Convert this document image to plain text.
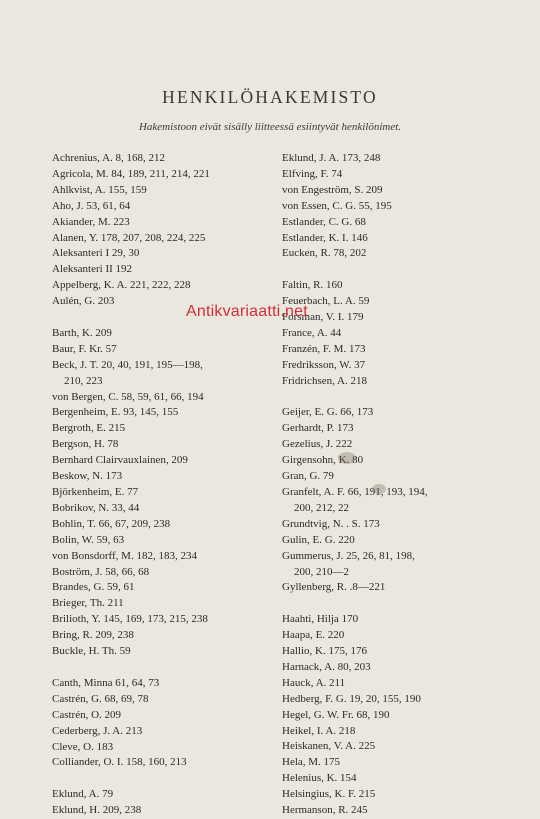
HENKILÖHAKEMISTO
Hakemistoon eivät sisälly liitteessä esiintyvät henkilönimet.
Achrenius, A. 8, 168, 212
Agricola, M. 84, 189, 211, 214, 221
Ahlkvist, A. 155, 159
Aho, J. 53, 61, 64
Akiander, M. 223
Alanen, Y. 178, 207, 208, 224, 225
Aleksanteri I 29, 30
Aleksanteri II 192
Appelberg, K. A. 221, 222, 228
Aulén, G. 203
Barth, K. 209
Baur, F. Kr. 57
Beck, J. T. 20, 40, 191, 195—198,
210, 223
von Bergen, C. 58, 59, 61, 66, 194
Bergenheim, E. 93, 145, 155
Bergroth, E. 215
Bergson, H. 78
Bernhard Clairvauxlainen, 209
Beskow, N. 173
Björkenheim, E. 77
Bobrikov, N. 33, 44
Bohlin, T. 66, 67, 209, 238
Bolin, W. 59, 63
von Bonsdorff, M. 182, 183, 234
Boström, J. 58, 66, 68
Brandes, G. 59, 61
Brieger, Th. 211
Brilioth, Y. 145, 169, 173, 215, 238
Bring, R. 209, 238
Buckle, H. Th. 59
Canth, Minna 61, 64, 73
Castrén, G. 68, 69, 78
Castrén, O. 209
Cederberg, J. A. 213
Cleve, O. 183
Colliander, O. I. 158, 160, 213
Eklund, A. 79
Eklund, H. 209, 238
Eklund, J. A. 173, 248
Elfving, F. 74
von Engeström, S. 209
von Essen, C. G. 55, 195
Estlander, C. G. 68
Estlander, K. I. 146
Eucken, R. 78, 202
Faltin, R. 160
Feuerbach, L. A. 59
Forsman, V. I. 179
France, A. 44
Franzén, F. M. 173
Fredriksson, W. 37
Fridrichsen, A. 218
Geijer, E. G. 66, 173
Gerhardt, P. 173
Gezelius, J. 222
Girgensohn, K. 80
Gran, G. 79
Granfelt, A. F. 66, 191, 193, 194,
200, 212, 22
Grundtvig, N. . S. 173
Gulin, E. G. 220
Gummerus, J. 25, 26, 81, 198,
200, 210—2
Gyllenberg, R. .8—221
Haahti, Hilja 170
Haapa, E. 220
Hallio, K. 175, 176
Harnack, A. 80, 203
Hauck, A. 211
Hedberg, F. G. 19, 20, 155, 190
Hegel, G. W. Fr. 68, 190
Heikel, I. A. 218
Heiskanen, V. A. 225
Hela, M. 175
Helenius, K. 154
Helsingius, K. F. 215
Hermanson, R. 245
Antikvariaatti.net
